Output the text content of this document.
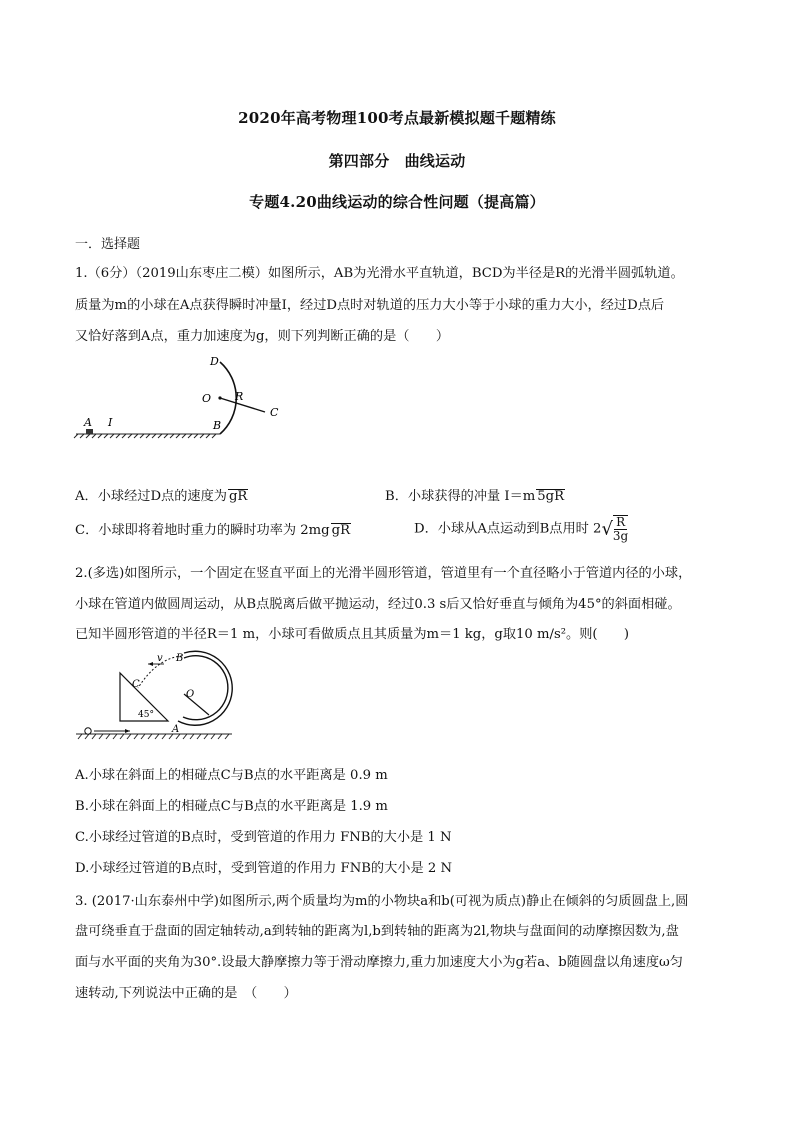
2020年高考物理100考点最新模拟题千题精练
第四部分　曲线运动
专题4.20曲线运动的综合性问题（提高篇）
一．选择题
1.（6分）（2019山东枣庄二模）如图所示，AB为光滑水平直轨道，BCD为半径是R的光滑半圆弧轨道。
质量为m的小球在A点获得瞬时冲量I，经过D点时对轨道的压力大小等于小球的重力大小，经过D点后
又恰好落到A点，重力加速度为g，则下列判断正确的是（　　）
D
O R
C
A I	B
A．小球经过D点的速度为 gR	B．小球获得的冲量 I＝m 5gR
C．小球即将着地时重力的瞬时功率为 2mg gR	D．小球从A点运动到B点用时 $2√ \frac{R}{3g}$
2.(多选)如图所示，一个固定在竖直平面上的光滑半圆形管道，管道里有一个直径略小于管道内径的小球，
小球在管道内做圆周运动，从B点脱离后做平抛运动，经过0.3 s后又恰好垂直与倾角为45°的斜面相碰。
已知半圆形管道的半径R＝1 m，小球可看做质点且其质量为m＝1 kg，g取10 m/s²。则(　　)
v B
C
O
45°
A
A.小球在斜面上的相碰点C与B点的水平距离是 0.9 m
B.小球在斜面上的相碰点C与B点的水平距离是 1.9 m
C.小球经过管道的B点时，受到管道的作用力 FNB的大小是 1 N
D.小球经过管道的B点时，受到管道的作用力 FNB的大小是 2 N
3. (2017·山东泰州中学)如图所示,两个质量均为m的小物块a和b(可视为质点)静止在倾斜的匀质圆盘上,圆
盘可绕垂直于盘面的固定轴转动,a到转轴的距离为l,b到转轴的距离为2l,物块与盘面间的动摩擦因数为,盘
面与水平面的夹角为30°.设最大静摩擦力等于滑动摩擦力,重力加速度大小为g若a、b随圆盘以角速度ω匀
速转动,下列说法中正确的是　（　　）
